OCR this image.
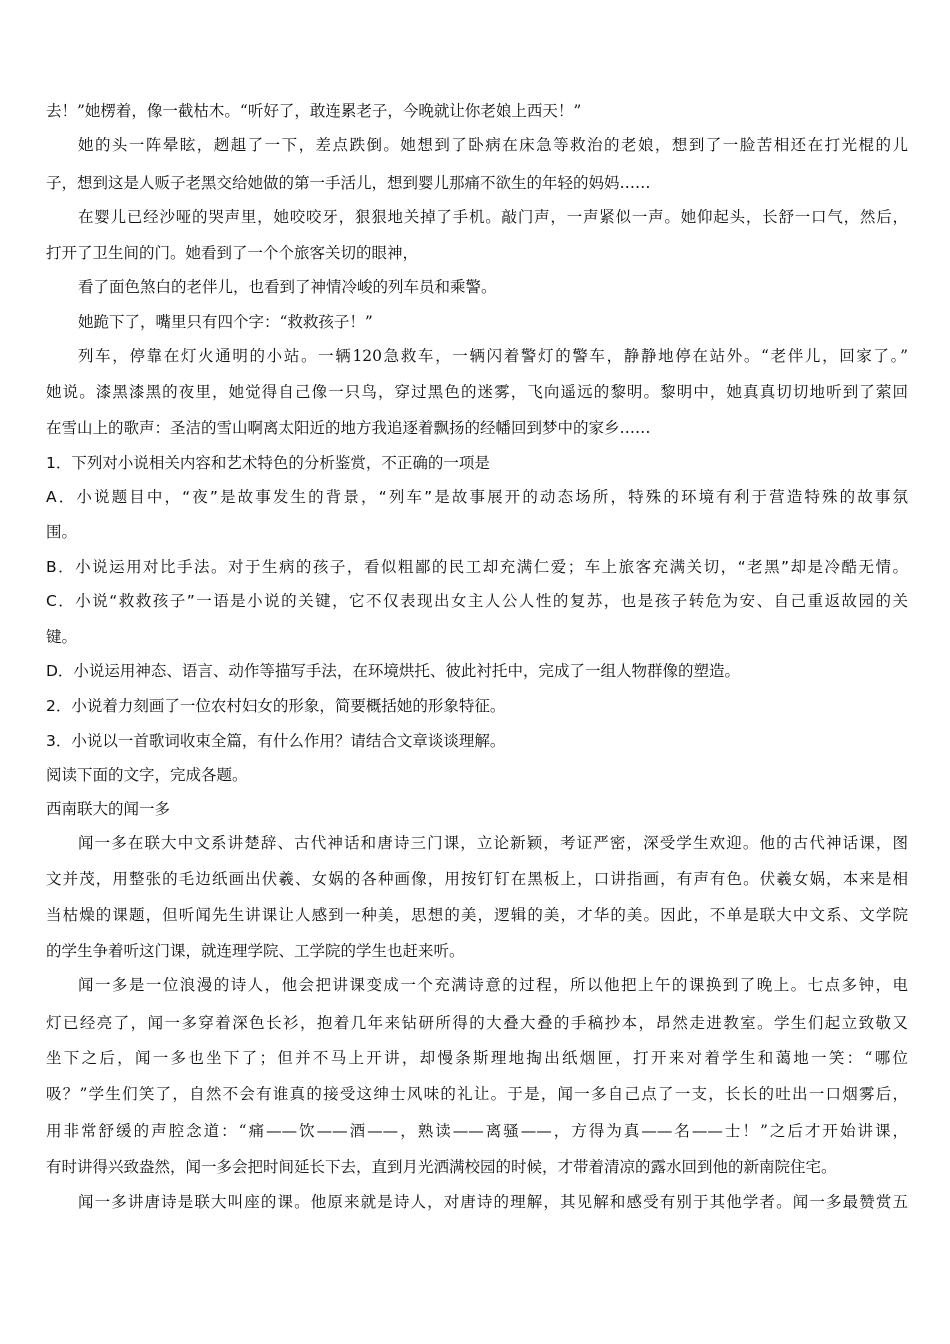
去！”她楞着，像一截枯木。“听好了，敢连累老子，今晚就让你老娘上西天！”
她的头一阵晕眩，趔趄了一下，差点跌倒。她想到了卧病在床急等救治的老娘，想到了一脸苦相还在打光棍的儿
子，想到这是人贩子老黑交给她做的第一手活儿，想到婴儿那痛不欲生的年轻的妈妈……
在婴儿已经沙哑的哭声里，她咬咬牙，狠狠地关掉了手机。敲门声，一声紧似一声。她仰起头，长舒一口气，然后，
打开了卫生间的门。她看到了一个个旅客关切的眼神，
看了面色煞白的老伴儿，也看到了神情冷峻的列车员和乘警。
她跪下了，嘴里只有四个字：“救救孩子！”
列车，停靠在灯火通明的小站。一辆120急救车，一辆闪着警灯的警车，静静地停在站外。“老伴儿，回家了。”
她说。漆黑漆黑的夜里，她觉得自己像一只鸟，穿过黑色的迷雾，飞向遥远的黎明。黎明中，她真真切切地听到了萦回
在雪山上的歌声：圣洁的雪山啊离太阳近的地方我追逐着飘扬的经幡回到梦中的家乡……
1．下列对小说相关内容和艺术特色的分析鉴赏，不正确的一项是
A．小说题目中，“夜”是故事发生的背景，“列车”是故事展开的动态场所，特殊的环境有利于营造特殊的故事氛
围。
B．小说运用对比手法。对于生病的孩子，看似粗鄙的民工却充满仁爱；车上旅客充满关切，“老黑”却是冷酷无情。
C．小说“救救孩子”一语是小说的关键，它不仅表现出女主人公人性的复苏，也是孩子转危为安、自己重返故园的关
键。
D．小说运用神态、语言、动作等描写手法，在环境烘托、彼此衬托中，完成了一组人物群像的塑造。
2．小说着力刻画了一位农村妇女的形象，简要概括她的形象特征。
3．小说以一首歌词收束全篇，有什么作用？请结合文章谈谈理解。
阅读下面的文字，完成各题。
西南联大的闻一多
闻一多在联大中文系讲楚辞、古代神话和唐诗三门课，立论新颖，考证严密，深受学生欢迎。他的古代神话课，图
文并茂，用整张的毛边纸画出伏羲、女娲的各种画像，用按钉钉在黑板上，口讲指画，有声有色。伏羲女娲，本来是相
当枯燥的课题，但听闻先生讲课让人感到一种美，思想的美，逻辑的美，才华的美。因此，不单是联大中文系、文学院
的学生争着听这门课，就连理学院、工学院的学生也赶来听。
闻一多是一位浪漫的诗人，他会把讲课变成一个充满诗意的过程，所以他把上午的课换到了晚上。七点多钟，电
灯已经亮了，闻一多穿着深色长衫，抱着几年来钻研所得的大叠大叠的手稿抄本，昂然走进教室。学生们起立致敬又
坐下之后，闻一多也坐下了；但并不马上开讲，却慢条斯理地掏出纸烟匣，打开来对着学生和蔼地一笑：“哪位
吸？”学生们笑了，自然不会有谁真的接受这绅士风味的礼让。于是，闻一多自己点了一支，长长的吐出一口烟雾后，
用非常舒缓的声腔念道：“痛——饮——酒——，熟读——离骚——，方得为真——名——士！”之后才开始讲课，
有时讲得兴致盎然，闻一多会把时间延长下去，直到月光洒满校园的时候，才带着清凉的露水回到他的新南院住宅。
闻一多讲唐诗是联大叫座的课。他原来就是诗人，对唐诗的理解，其见解和感受有别于其他学者。闻一多最赞赏五
